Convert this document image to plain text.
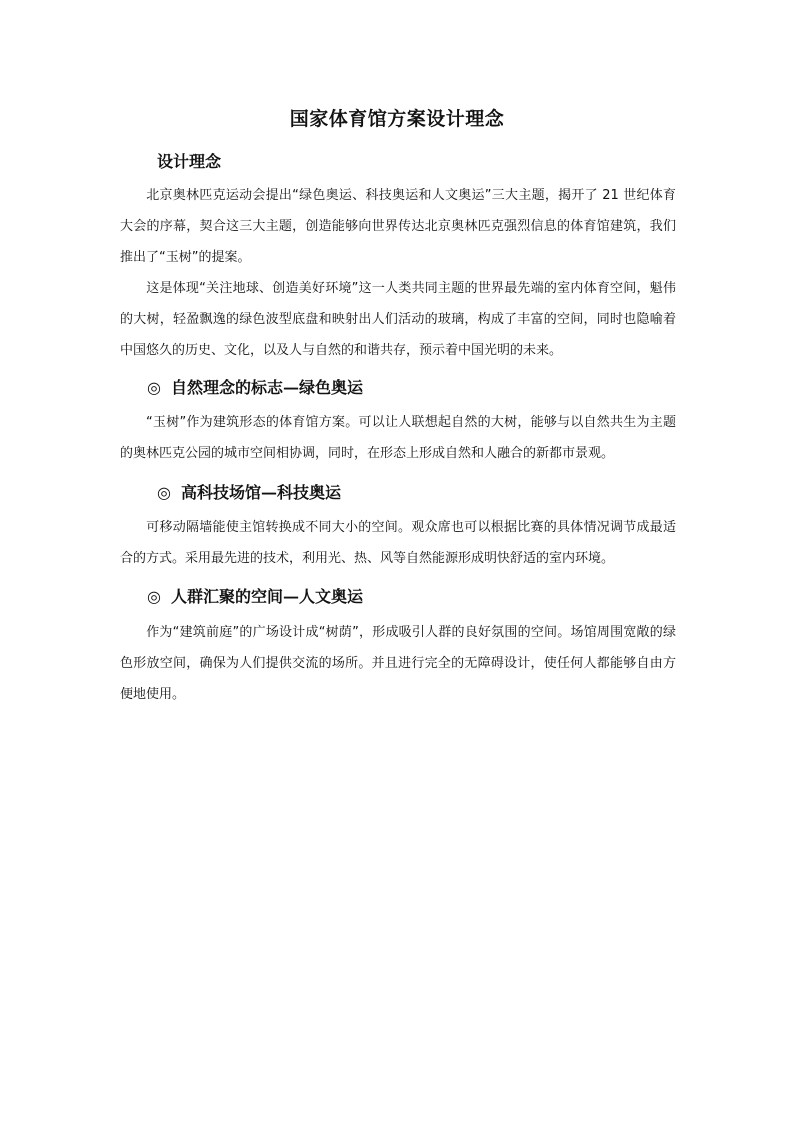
国家体育馆方案设计理念
设计理念

北京奥林匹克运动会提出“绿色奥运、科技奥运和人文奥运”三大主题，揭开了 21 世纪体育大会的序幕，契合这三大主题，创造能够向世界传达北京奥林匹克强烈信息的体育馆建筑，我们推出了“玉树”的提案。

这是体现“关注地球、创造美好环境”这一人类共同主题的世界最先端的室内体育空间，魁伟的大树，轻盈飘逸的绿色波型底盘和映射出人们活动的玻璃，构成了丰富的空间，同时也隐喻着中国悠久的历史、文化，以及人与自然的和谐共存，预示着中国光明的未来。

◎ 自然理念的标志—绿色奥运

“玉树”作为建筑形态的体育馆方案。可以让人联想起自然的大树，能够与以自然共生为主题的奥林匹克公园的城市空间相协调，同时，在形态上形成自然和人融合的新都市景观。

◎ 高科技场馆—科技奥运

可移动隔墙能使主馆转换成不同大小的空间。观众席也可以根据比赛的具体情况调节成最适合的方式。采用最先进的技术，利用光、热、风等自然能源形成明快舒适的室内环境。

◎ 人群汇聚的空间—人文奥运

作为“建筑前庭”的广场设计成“树荫”，形成吸引人群的良好氛围的空间。场馆周围宽敞的绿色形放空间，确保为人们提供交流的场所。并且进行完全的无障碍设计，使任何人都能够自由方便地使用。
